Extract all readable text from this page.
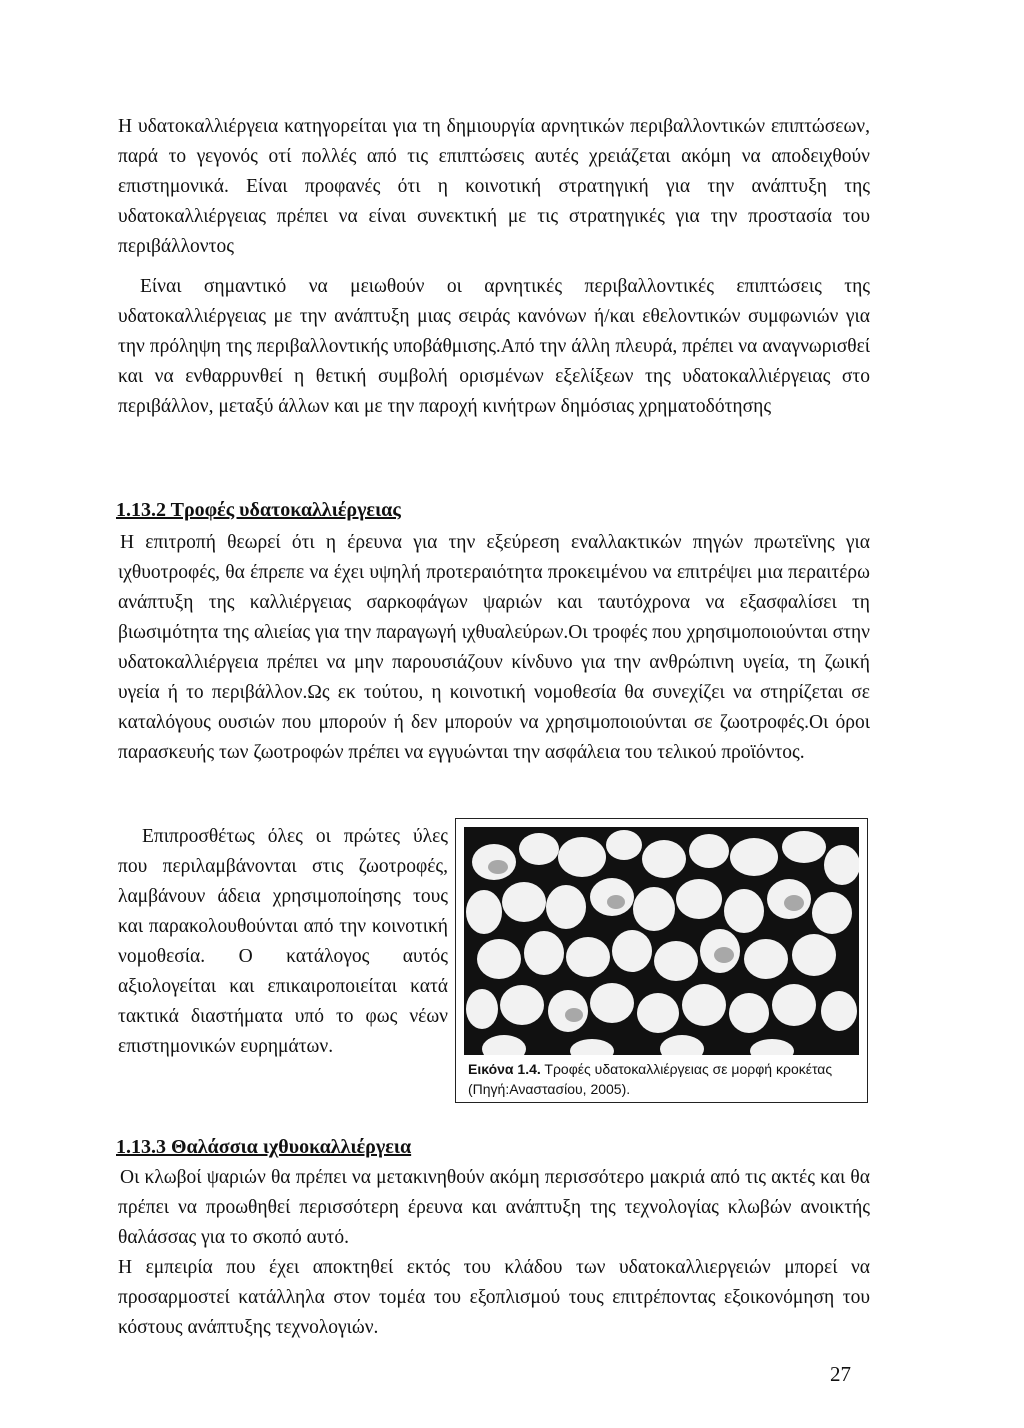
Η υδατοκαλλιέργεια κατηγορείται για τη δημιουργία αρνητικών περιβαλλοντικών επιπτώσεων, παρά το γεγονός οτί πολλές από τις επιπτώσεις αυτές χρειάζεται ακόμη να αποδειχθούν επιστημονικά. Είναι προφανές ότι η κοινοτική στρατηγική για την ανάπτυξη της υδατοκαλλιέργειας πρέπει να είναι συνεκτική με τις στρατηγικές για την προστασία του περιβάλλοντος

Είναι σημαντικό να μειωθούν οι αρνητικές περιβαλλοντικές επιπτώσεις της υδατοκαλλιέργειας με την ανάπτυξη μιας σειράς κανόνων ή/και εθελοντικών συμφωνιών για την πρόληψη της περιβαλλοντικής υποβάθμισης.Από την άλλη πλευρά, πρέπει να αναγνωρισθεί και να ενθαρρυνθεί η θετική συμβολή ορισμένων εξελίξεων της υδατοκαλλιέργειας στο περιβάλλον, μεταξύ άλλων και με την παροχή κινήτρων δημόσιας χρηματοδότησης

1.13.2 Τροφές υδατοκαλλιέργειας

Η επιτροπή θεωρεί ότι η έρευνα για την εξεύρεση εναλλακτικών πηγών πρωτεϊνης για ιχθυοτροφές, θα έπρεπε να έχει υψηλή προτεραιότητα προκειμένου να επιτρέψει μια περαιτέρω ανάπτυξη της καλλιέργειας σαρκοφάγων ψαριών και ταυτόχρονα να εξασφαλίσει τη βιωσιμότητα της αλιείας για την παραγωγή ιχθυαλεύρων.Οι τροφές που χρησιμοποιούνται στην υδατοκαλλιέργεια πρέπει να μην παρουσιάζουν κίνδυνο για την ανθρώπινη υγεία, τη ζωική υγεία ή το περιβάλλον.Ως εκ τούτου, η κοινοτική νομοθεσία θα συνεχίζει να στηρίζεται σε καταλόγους ουσιών που μπορούν ή δεν μπορούν να χρησιμοποιούνται σε ζωοτροφές.Οι όροι παρασκευής των ζωοτροφών πρέπει να εγγυώνται την ασφάλεια του τελικού προϊόντος.

Επιπροσθέτως όλες οι πρώτες ύλες που περιλαμβάνονται στις ζωοτροφές, λαμβάνουν άδεια χρησιμοποίησης τους και παρακολουθούνται από την κοινοτική νομοθεσία. Ο κατάλογος αυτός αξιολογείται και επικαιροποιείται κατά τακτικά διαστήματα υπό το φως νέων επιστημονικών ευρημάτων.

Εικόνα 1.4. Τροφές υδατοκαλλιέργειας σε μορφή κροκέτας (Πηγή:Αναστασίου, 2005).

1.13.3 Θαλάσσια ιχθυοκαλλιέργεια

Οι κλωβοί ψαριών θα πρέπει να μετακινηθούν ακόμη περισσότερο μακριά από τις ακτές και θα πρέπει να προωθηθεί περισσότερη έρευνα και ανάπτυξη της τεχνολογίας κλωβών ανοικτής θαλάσσας για το σκοπό αυτό.

Η εμπειρία που έχει αποκτηθεί εκτός του κλάδου των υδατοκαλλιεργειών μπορεί να προσαρμοστεί κατάλληλα στον τομέα του εξοπλισμού τους επιτρέποντας εξοικονόμηση του κόστους ανάπτυξης τεχνολογιών.

27
